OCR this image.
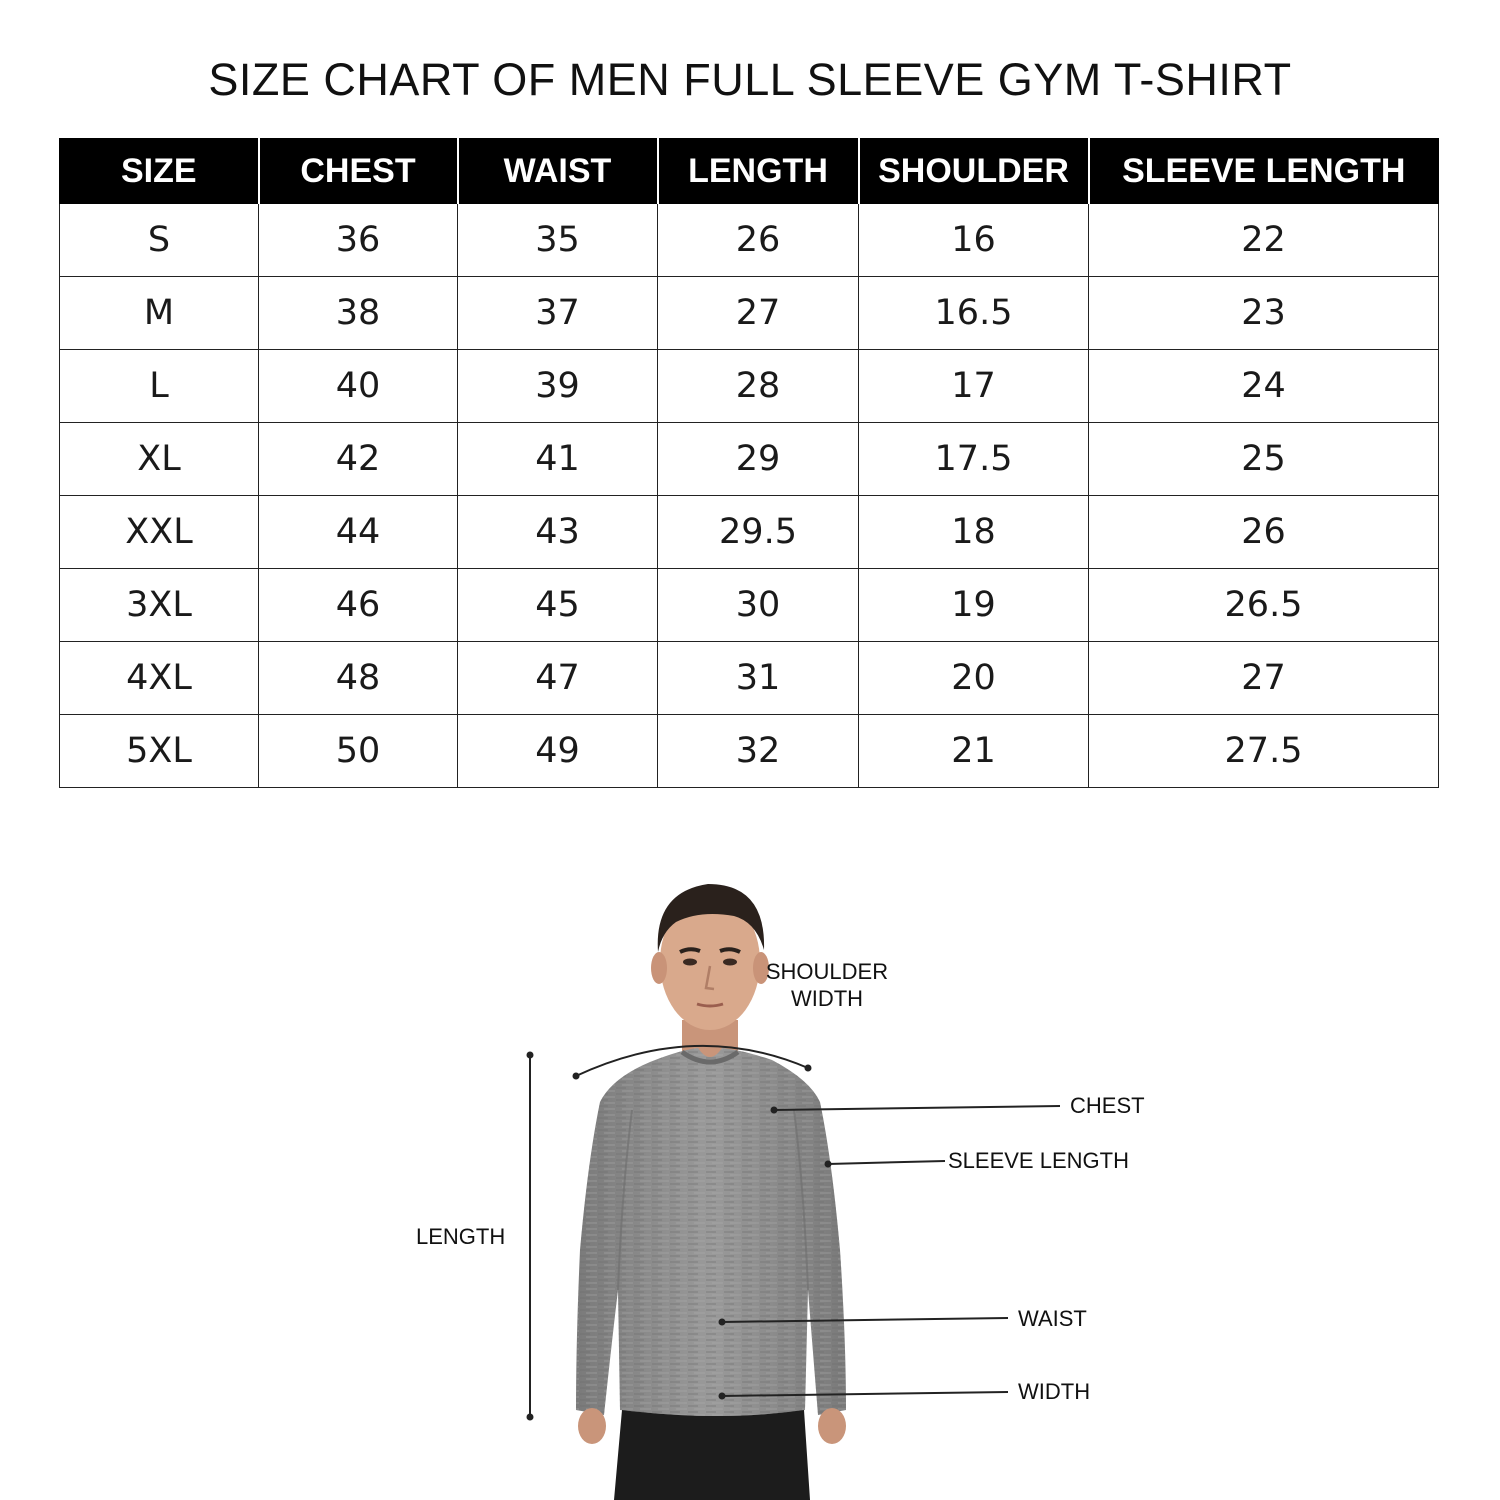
SIZE CHART OF MEN FULL SLEEVE GYM T-SHIRT
SIZE	CHEST	WAIST	LENGTH	SHOULDER	SLEEVE LENGTH
S	36	35	26	16	22
M	38	37	27	16.5	23
L	40	39	28	17	24
XL	42	41	29	17.5	25
XXL	44	43	29.5	18	26
3XL	46	45	30	19	26.5
4XL	48	47	31	20	27
5XL	50	49	32	21	27.5
SHOULDER
WIDTH
CHEST
SLEEVE LENGTH
LENGTH
WAIST
WIDTH
